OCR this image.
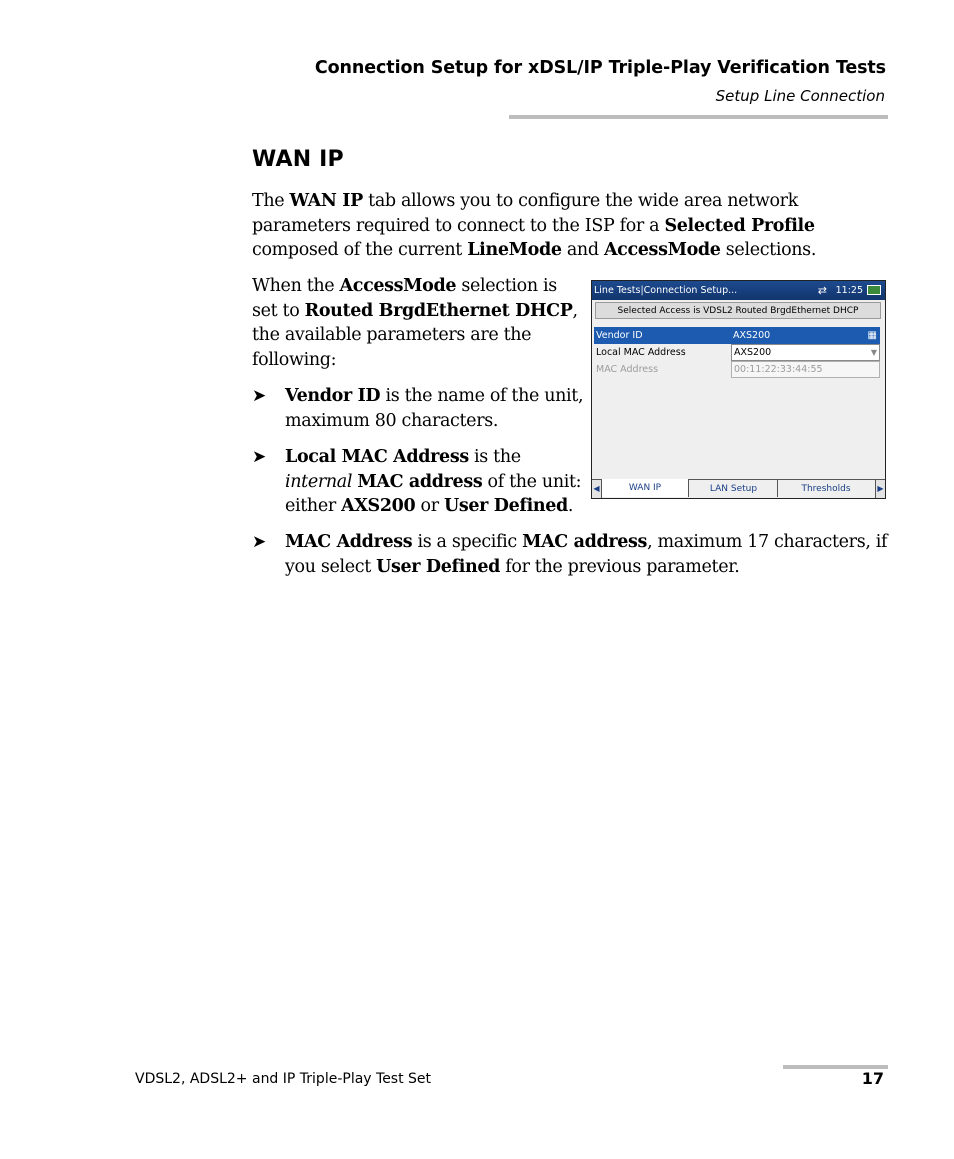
Connection Setup for xDSL/IP Triple-Play Verification Tests
Setup Line Connection
WAN IP

The WAN IP tab allows you to configure the wide area network parameters required to connect to the ISP for a Selected Profile composed of the current LineMode and AccessMode selections.

When the AccessMode selection is set to Routed BrgdEthernet DHCP, the available parameters are the following:

➤ Vendor ID is the name of the unit, maximum 80 characters.

➤ Local MAC Address is the internal MAC address of the unit: either AXS200 or User Defined.

➤ MAC Address is a specific MAC address, maximum 17 characters, if you select User Defined for the previous parameter.

Line Tests|Connection Setup...	⇄ 11:25
Selected Access is VDSL2 Routed BrgdEthernet DHCP
Vendor ID	AXS200	▦
Local MAC Address	AXS200	▼
MAC Address	00:11:22:33:44:55
◀	WAN IP	LAN Setup	Thresholds	▶
VDSL2, ADSL2+ and IP Triple-Play Test Set	17
